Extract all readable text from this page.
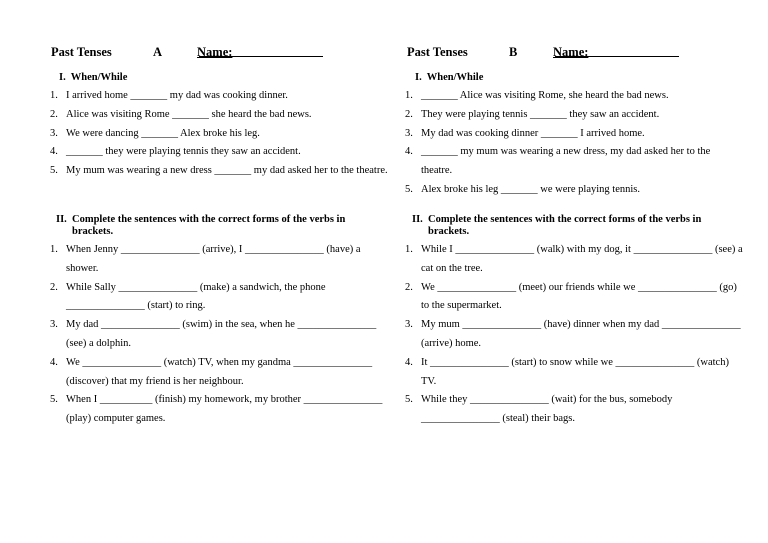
Past Tenses	A	Name:
I. When/While
1. I arrived home _______ my dad was cooking dinner.
2. Alice was visiting Rome _______ she heard the bad news.
3. We were dancing _______ Alex broke his leg.
4. _______ they were playing tennis they saw an accident.
5. My mum was wearing a new dress _______ my dad asked her to the theatre.
II. Complete the sentences with the correct forms of the verbs in brackets.
1. When Jenny _______________ (arrive), I _______________ (have) a shower.
2. While Sally _______________ (make) a sandwich, the phone _______________ (start) to ring.
3. My dad _______________ (swim) in the sea, when he _______________ (see) a dolphin.
4. We _______________ (watch) TV, when my gandma _______________ (discover) that my friend is her neighbour.
5. When I __________ (finish) my homework, my brother _______________ (play) computer games.
Past Tenses	B	Name:
I. When/While
1. _______ Alice was visiting Rome, she heard the bad news.
2. They were playing tennis _______ they saw an accident.
3. My dad was cooking dinner _______ I arrived home.
4. _______ my mum was wearing a new dress, my dad asked her to the theatre.
5. Alex broke his leg _______ we were playing tennis.
II. Complete the sentences with the correct forms of the verbs in brackets.
1. While I _______________ (walk) with my dog, it _______________ (see) a cat on the tree.
2. We _______________ (meet) our friends while we _______________ (go) to the supermarket.
3. My mum _______________ (have) dinner when my dad _______________ (arrive) home.
4. It _______________ (start) to snow while we _______________ (watch) TV.
5. While they _______________ (wait) for the bus, somebody _______________ (steal) their bags.
